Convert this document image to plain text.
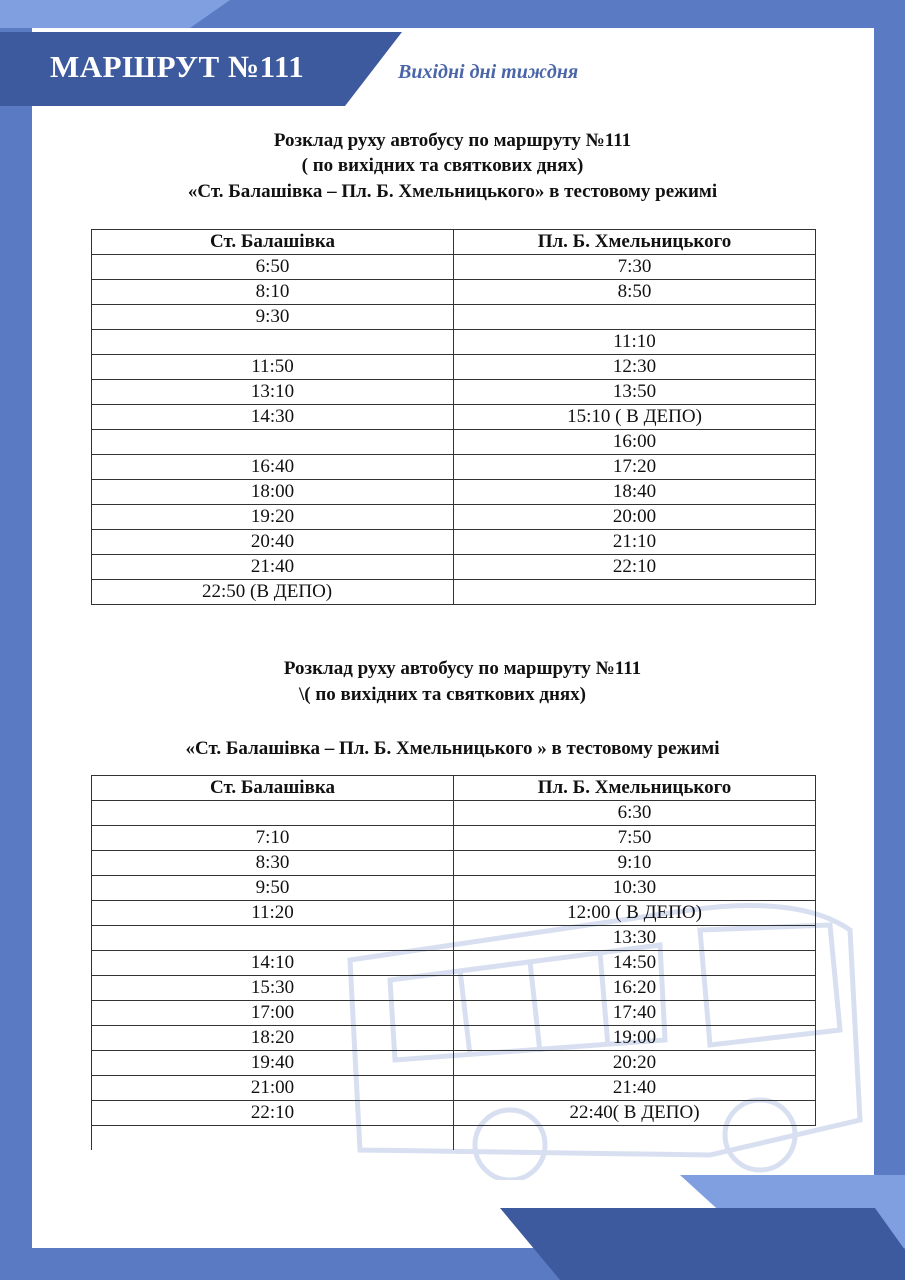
МАРШРУТ №111	Вихідні дні тиждня

Розклад руху автобусу по маршруту №111

( по вихідних та святкових днях)

«Ст. Балашівка – Пл. Б. Хмельницького» в тестовому режимі

Ст. Балашівка	Пл. Б. Хмельницького
6:50	7:30
8:10	8:50
9:30	
	11:10
11:50	12:30
13:10	13:50
14:30	15:10 ( В ДЕПО)
	16:00
16:40	17:20
18:00	18:40
19:20	20:00
20:40	21:10
21:40	22:10
22:50 (В ДЕПО)	

Розклад руху автобусу по маршруту №111

\( по вихідних та святкових днях)

«Ст. Балашівка – Пл. Б. Хмельницького » в тестовому режимі

Ст. Балашівка	Пл. Б. Хмельницького
	6:30
7:10	7:50
8:30	9:10
9:50	10:30
11:20	12:00 ( В ДЕПО)
	13:30
14:10	14:50
15:30	16:20
17:00	17:40
18:20	19:00
19:40	20:20
21:00	21:40
22:10	22:40( В ДЕПО)
